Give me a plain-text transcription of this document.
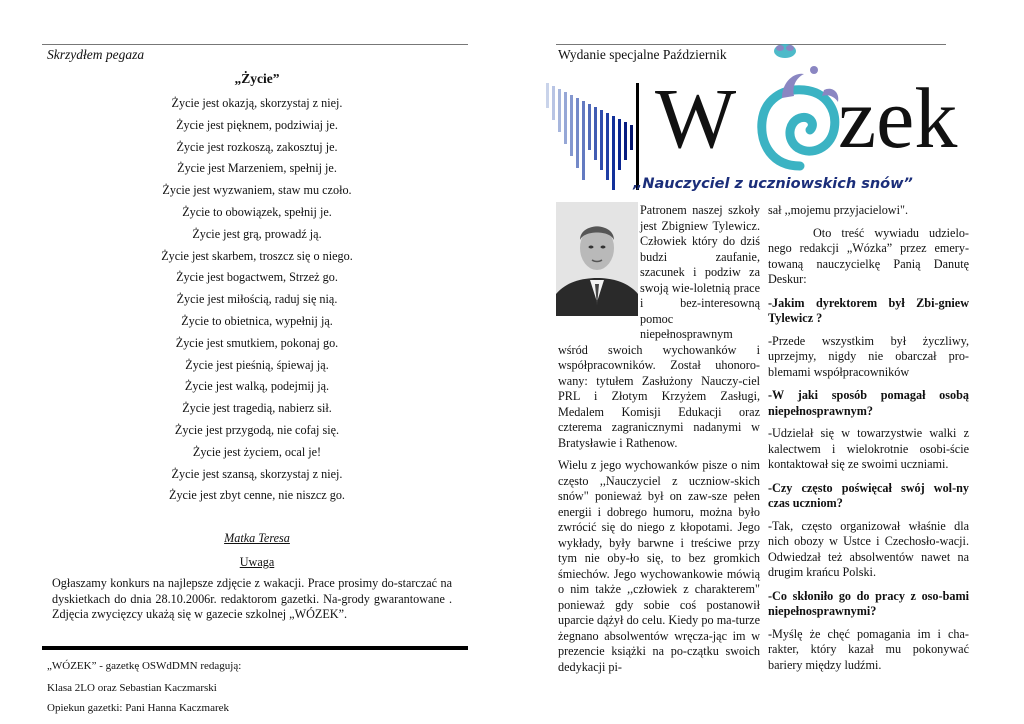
Skrzydłem pegaza
„Życie”
Życie jest okazją, skorzystaj z niej.
Życie jest pięknem, podziwiaj je.
Życie jest rozkoszą, zakosztuj je.
Życie jest Marzeniem, spełnij je.
Życie jest wyzwaniem, staw mu czoło.
Życie to obowiązek, spełnij je.
Życie jest grą, prowadź ją.
Życie jest skarbem, troszcz się o niego.
Życie jest bogactwem, Strzeż go.
Życie jest miłością, raduj się nią.
Życie to obietnica, wypełnij ją.
Życie jest smutkiem, pokonaj go.
Życie jest pieśnią, śpiewaj ją.
Życie jest walką, podejmij ją.
Życie jest tragedią, nabierz sił.
Życie jest przygodą, nie cofaj się.
Życie jest życiem, ocal je!
Życie jest szansą, skorzystaj z niej.
Życie jest zbyt cenne, nie niszcz go.
Matka Teresa
Uwaga
Ogłaszamy konkurs na najlepsze zdjęcie z wakacji. Prace prosimy do-starczać na dyskietkach do dnia 28.10.2006r. redaktorom gazetki. Na-grody gwarantowane . Zdjęcia zwycięzcy ukażą się w gazecie szkolnej „WÓZEK”.
„WÓZEK” - gazetkę OSWdDMN redagują:
Klasa 2LO oraz Sebastian Kaczmarski
Opiekun gazetki: Pani Hanna Kaczmarek
Wydanie specjalne Październik
W zek
„Nauczyciel z uczniowskich snów”

Patronem naszej szkoły jest Zbigniew Tylewicz. Człowiek który do dziś budzi zaufanie, szacunek i podziw za swoją wie-loletnią prace i bez-interesowną pomoc niepełnosprawnym wśród swoich wychowanków i współpracowników. Został uhonoro-wany: tytułem Zasłużony Nauczy-ciel PRL i Złotym Krzyżem Zasługi, Medalem Komisji Edukacji oraz czterema zagranicznymi nadanymi w Bratysławie i Rathenow.

Wielu z jego wychowanków pisze o nim często ,,Nauczyciel z uczniow-skich snów" ponieważ był on zaw-sze pełen energii i dobrego humoru, można było zwrócić się do niego z kłopotami. Jego wykłady, były barwne i treściwe przy tym nie oby-ło się, to bez gromkich śmiechów. Jego wychowankowie mówią o nim także ,,człowiek z charakterem" ponieważ gdy sobie coś postanowił uparcie dążył do celu. Kiedy po ma-turze żegnano absolwentów wręcza-jąc im w prezencie książki na po-czątku swoich dedykacji pi-

sał ,,mojemu przyjacielowi".

Oto treść wywiadu udzielo-nego redakcji „Wózka” przez emery-towaną nauczycielkę Panią Danutę Deskur:

-Jakim dyrektorem był Zbi-gniew Tylewicz ?

-Przede wszystkim był życzliwy, uprzejmy, nigdy nie obarczał pro-blemami współpracowników

-W jaki sposób pomagał osobą niepełnosprawnym?

-Udzielał się w towarzystwie walki z kalectwem i wielokrotnie osobi-ście kontaktował się ze swoimi uczniami.

-Czy często poświęcał swój wol-ny czas uczniom?

-Tak, często organizował właśnie dla nich obozy w Ustce i Czechosło-wacji. Odwiedzał też absolwentów nawet na drugim krańcu Polski.

-Co skłoniło go do pracy z oso-bami niepełnosprawnymi?

-Myślę że chęć pomagania im i cha-rakter, który kazał mu pokonywać bariery między ludźmi.
